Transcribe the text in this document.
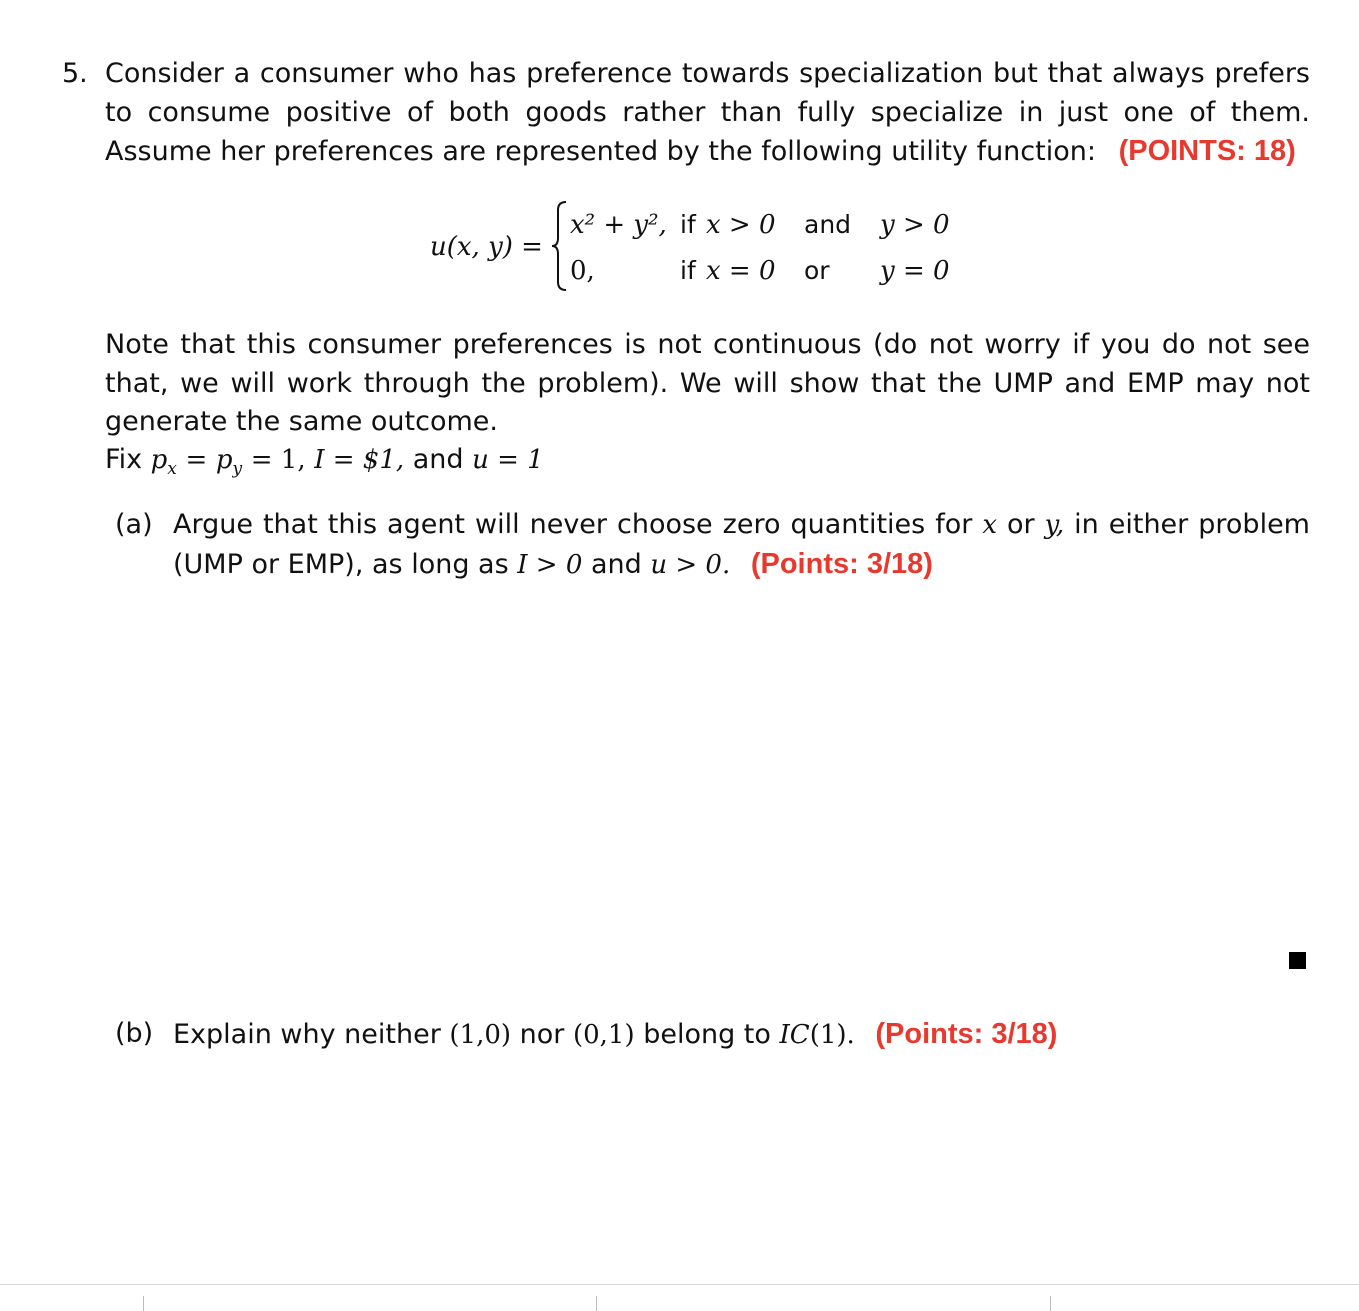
5. Consider a consumer who has preference towards specialization but that always prefers to consume positive of both goods rather than fully specialize in just one of them. Assume her preferences are represented by the following utility function: (POINTS: 18)
u(x, y) =
x² + y², if x > 0 and y > 0
0,	if x = 0 or y = 0
Note that this consumer preferences is not continuous (do not worry if you do not see that, we will work through the problem). We will show that the UMP and EMP may not generate the same outcome.
Fix $p_x = p_y = 1$, I = $1, and u = 1
(a) Argue that this agent will never choose zero quantities for x or y, in either problem (UMP or EMP), as long as I > 0 and u > 0. (Points: 3/18)
(b) Explain why neither (1,0) nor (0,1) belong to IC(1). (Points: 3/18)
